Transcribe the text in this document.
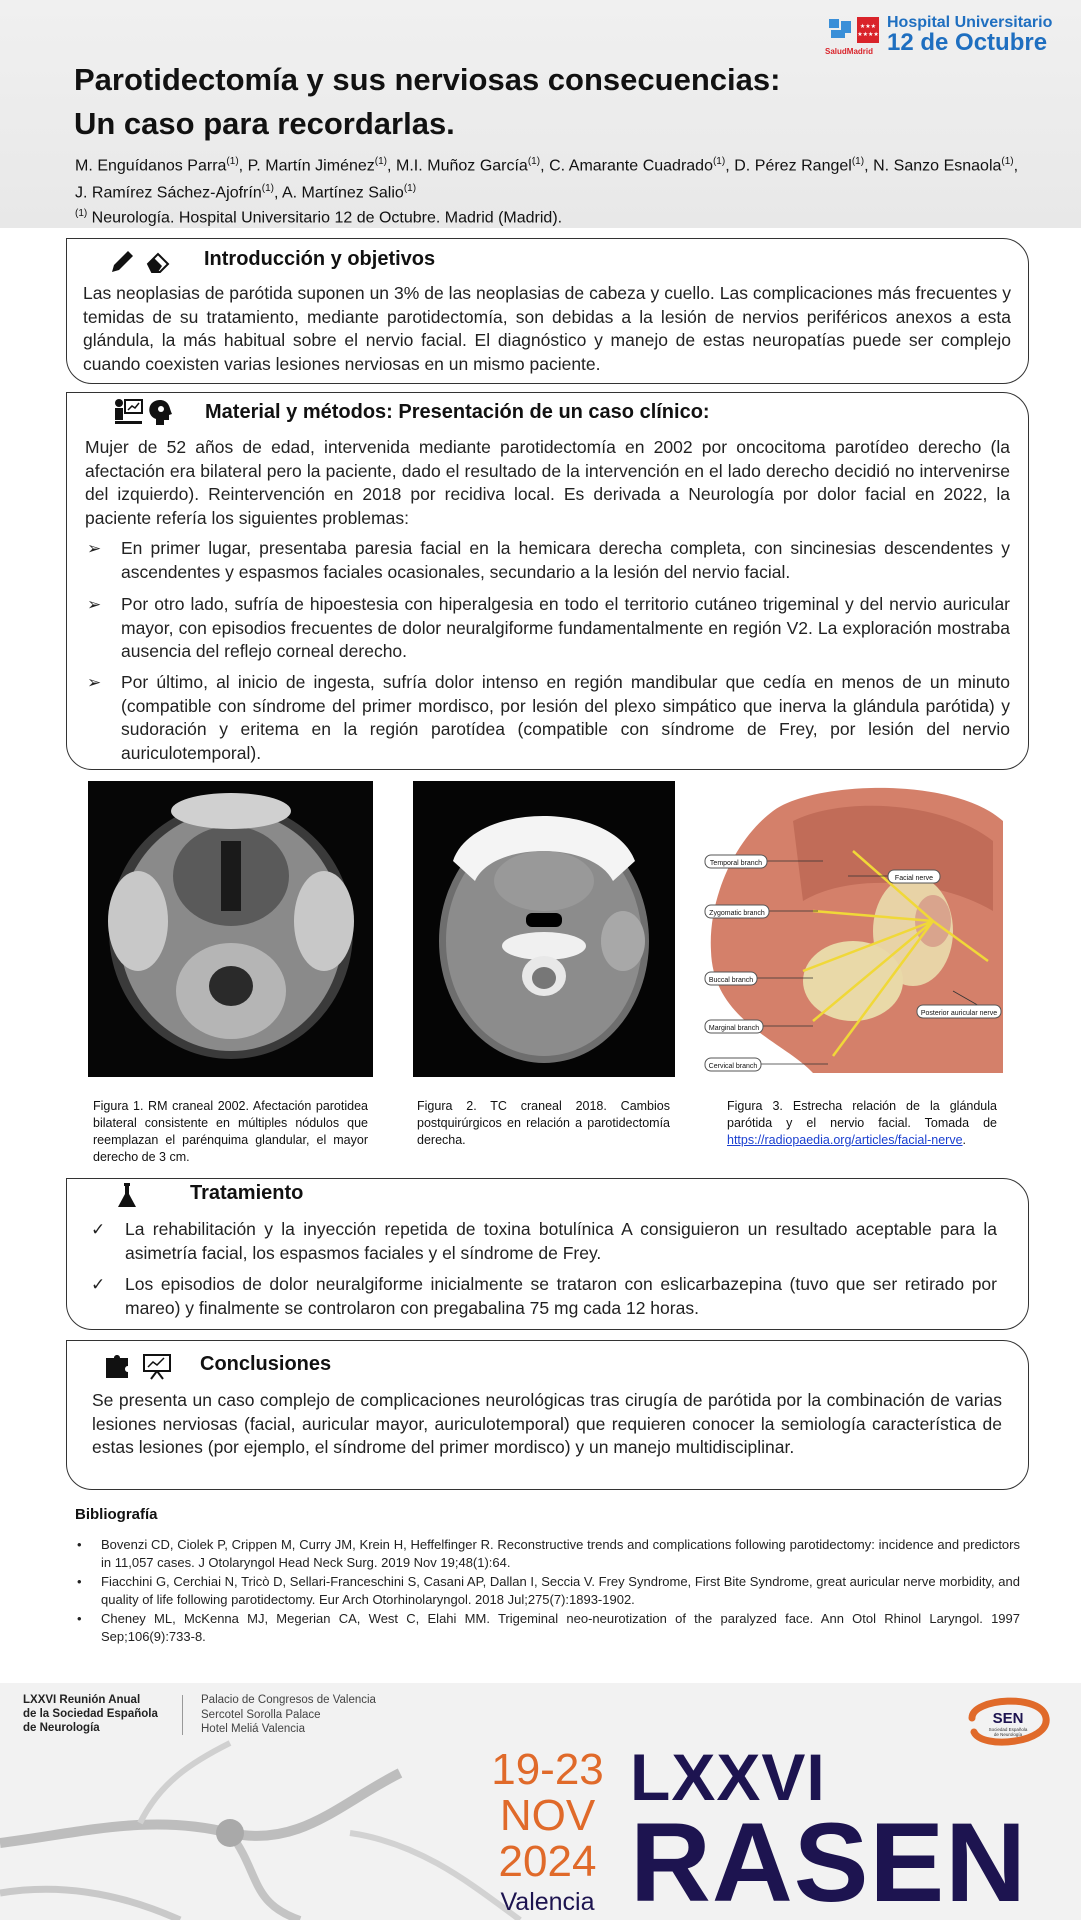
★★★
★★★★
SaludMadrid
Hospital Universitario
12 de Octubre
Parotidectomía y sus nerviosas consecuencias:
Un caso para recordarlas.
M. Enguídanos Parra$^{(1)}$, P. Martín Jiménez$^{(1)}$, M.I. Muñoz García$^{(1)}$, C. Amarante Cuadrado$^{(1)}$, D. Pérez Rangel$^{(1)}$, N. Sanzo Esnaola$^{(1)}$, J. Ramírez Sáchez-Ajofrín$^{(1)}$, A. Martínez Salio$^{(1)}$
$^{(1)}$ Neurología. Hospital Universitario 12 de Octubre. Madrid (Madrid).
Introducción y objetivos
Las neoplasias de parótida suponen un 3% de las neoplasias de cabeza y cuello. Las complicaciones más frecuentes y temidas de su tratamiento, mediante parotidectomía, son debidas a la lesión de nervios periféricos anexos a esta glándula, la más habitual sobre el nervio facial. El diagnóstico y manejo de estas neuropatías puede ser complejo cuando coexisten varias lesiones nerviosas en un mismo paciente.
Material y métodos: Presentación de un caso clínico:
Mujer de 52 años de edad, intervenida mediante parotidectomía en 2002 por oncocitoma parotídeo derecho (la afectación era bilateral pero la paciente, dado el resultado de la intervención en el lado derecho decidió no intervenirse del izquierdo). Reintervención en 2018 por recidiva local. Es derivada a Neurología por dolor facial en 2022, la paciente refería los siguientes problemas:
➢ En primer lugar, presentaba paresia facial en la hemicara derecha completa, con sincinesias descendentes y ascendentes y espasmos faciales ocasionales, secundario a la lesión del nervio facial.
➢ Por otro lado, sufría de hipoestesia con hiperalgesia en todo el territorio cutáneo trigeminal y del nervio auricular mayor, con episodios frecuentes de dolor neuralgiforme fundamentalmente en región V2. La exploración mostraba ausencia del reflejo corneal derecho.
➢ Por último, al inicio de ingesta, sufría dolor intenso en región mandibular que cedía en menos de un minuto (compatible con síndrome del primer mordisco, por lesión del plexo simpático que inerva la glándula parótida) y sudoración y eritema en la región parotídea (compatible con síndrome de Frey, por lesión del nervio auriculotemporal).
Temporal branch
Zygomatic branch
Buccal branch
Marginal branch
Cervical branch
Facial nerve
Posterior auricular nerve
Figura 1. RM craneal 2002. Afectación parotidea bilateral consistente en múltiples nódulos que reemplazan el parénquima glandular, el mayor derecho de 3 cm.
Figura 2. TC craneal 2018. Cambios postquirúrgicos en relación a parotidectomía derecha.
Figura 3. Estrecha relación de la glándula parótida y el nervio facial. Tomada de https://radiopaedia.org/articles/facial-nerve.
Tratamiento
✓ La rehabilitación y la inyección repetida de toxina botulínica A consiguieron un resultado aceptable para la asimetría facial, los espasmos faciales y el síndrome de Frey.
✓ Los episodios de dolor neuralgiforme inicialmente se trataron con eslicarbazepina (tuvo que ser retirado por mareo) y finalmente se controlaron con pregabalina 75 mg cada 12 horas.
Conclusiones
Se presenta un caso complejo de complicaciones neurológicas tras cirugía de parótida por la combinación de varias lesiones nerviosas (facial, auricular mayor, auriculotemporal) que requieren conocer la semiología característica de estas lesiones (por ejemplo, el síndrome del primer mordisco) y un manejo multidisciplinar.
Bibliografía
• Bovenzi CD, Ciolek P, Crippen M, Curry JM, Krein H, Heffelfinger R. Reconstructive trends and complications following parotidectomy: incidence and predictors in 11,057 cases. J Otolaryngol Head Neck Surg. 2019 Nov 19;48(1):64.
• Fiacchini G, Cerchiai N, Tricò D, Sellari-Franceschini S, Casani AP, Dallan I, Seccia V. Frey Syndrome, First Bite Syndrome, great auricular nerve morbidity, and quality of life following parotidectomy. Eur Arch Otorhinolaryngol. 2018 Jul;275(7):1893-1902.
• Cheney ML, McKenna MJ, Megerian CA, West C, Elahi MM. Trigeminal neo-neurotization of the paralyzed face. Ann Otol Rhinol Laryngol. 1997 Sep;106(9):733-8.
LXXVI Reunión Anual
de la Sociedad Española
de Neurología
Palacio de Congresos de Valencia
Sercotel Sorolla Palace
Hotel Meliá Valencia
19-23
NOV
2024
Valencia
LXXVI
RASEN
SEN
Sociedad Española
de Neurología
